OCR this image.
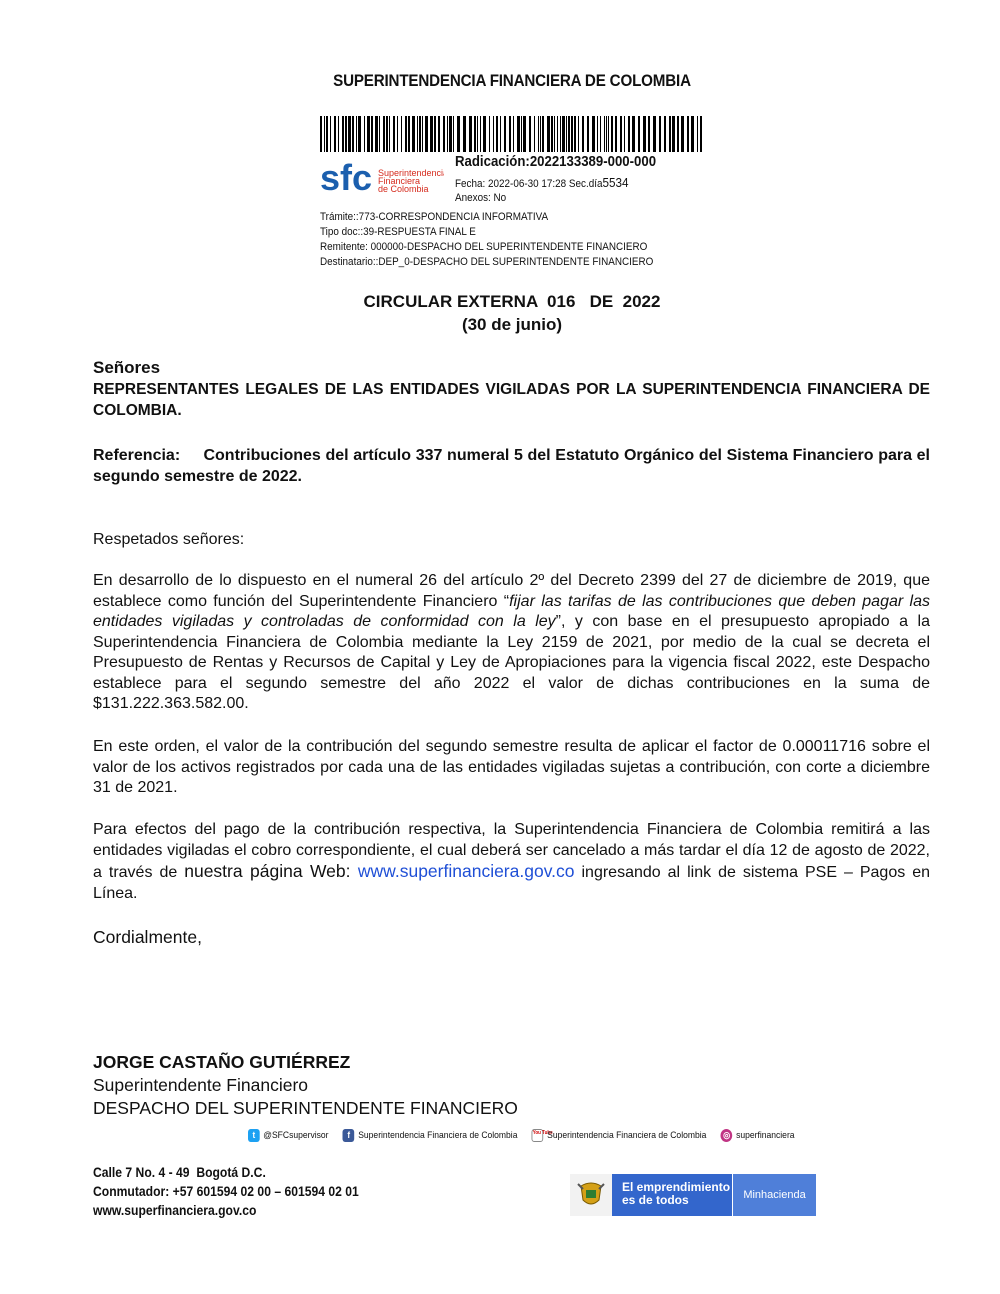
SUPERINTENDENCIA FINANCIERA DE COLOMBIA
sfc Superintendencia
Financiera
de Colombia
Radicación:2022133389-000-000
Fecha: 2022-06-30 17:28 Sec.día5534
Anexos: No
Trámite::773-CORRESPONDENCIA INFORMATIVA
Tipo doc::39-RESPUESTA FINAL E
Remitente: 000000-DESPACHO DEL SUPERINTENDENTE FINANCIERO
Destinatario::DEP_0-DESPACHO DEL SUPERINTENDENTE FINANCIERO
CIRCULAR EXTERNA  016   DE  2022
(30 de junio)
Señores
REPRESENTANTES LEGALES DE LAS ENTIDADES VIGILADAS POR LA SUPERINTENDENCIA FINANCIERA DE COLOMBIA.
Referencia: Contribuciones del artículo 337 numeral 5 del Estatuto Orgánico del Sistema Financiero para el segundo semestre de 2022.
Respetados señores:
En desarrollo de lo dispuesto en el numeral 26 del artículo 2º del Decreto 2399 del 27 de diciembre de 2019, que establece como función del Superintendente Financiero “fijar las tarifas de las contribuciones que deben pagar las entidades vigiladas y controladas de conformidad con la ley”, y con base en el presupuesto apropiado a la Superintendencia Financiera de Colombia mediante la Ley 2159 de 2021, por medio de la cual se decreta el Presupuesto de Rentas y Recursos de Capital y Ley de Apropiaciones para la vigencia fiscal 2022, este Despacho establece para el segundo semestre del año 2022 el valor de dichas contribuciones en la suma de $131.222.363.582.00.
En este orden, el valor de la contribución del segundo semestre resulta de aplicar el factor de 0.00011716 sobre el valor de los activos registrados por cada una de las entidades vigiladas sujetas a contribución, con corte a diciembre 31 de 2021.
Para efectos del pago de la contribución respectiva, la Superintendencia Financiera de Colombia remitirá a las entidades vigiladas el cobro correspondiente, el cual deberá ser cancelado a más tardar el día 12 de agosto de 2022, a través de nuestra página Web: www.superfinanciera.gov.co ingresando al link de sistema PSE – Pagos en Línea.
Cordialmente,
JORGE CASTAÑO GUTIÉRREZ
Superintendente Financiero
DESPACHO DEL SUPERINTENDENTE FINANCIERO
t @SFCsupervisor	f Superintendencia Financiera de Colombia	You Tube
Superintendencia Financiera de Colombia ◎ superfinanciera
Calle 7 No. 4 - 49  Bogotá D.C.
Conmutador: +57 601594 02 00 – 601594 02 01
www.superfinanciera.gov.co
El emprendimiento
es de todos	Minhacienda
